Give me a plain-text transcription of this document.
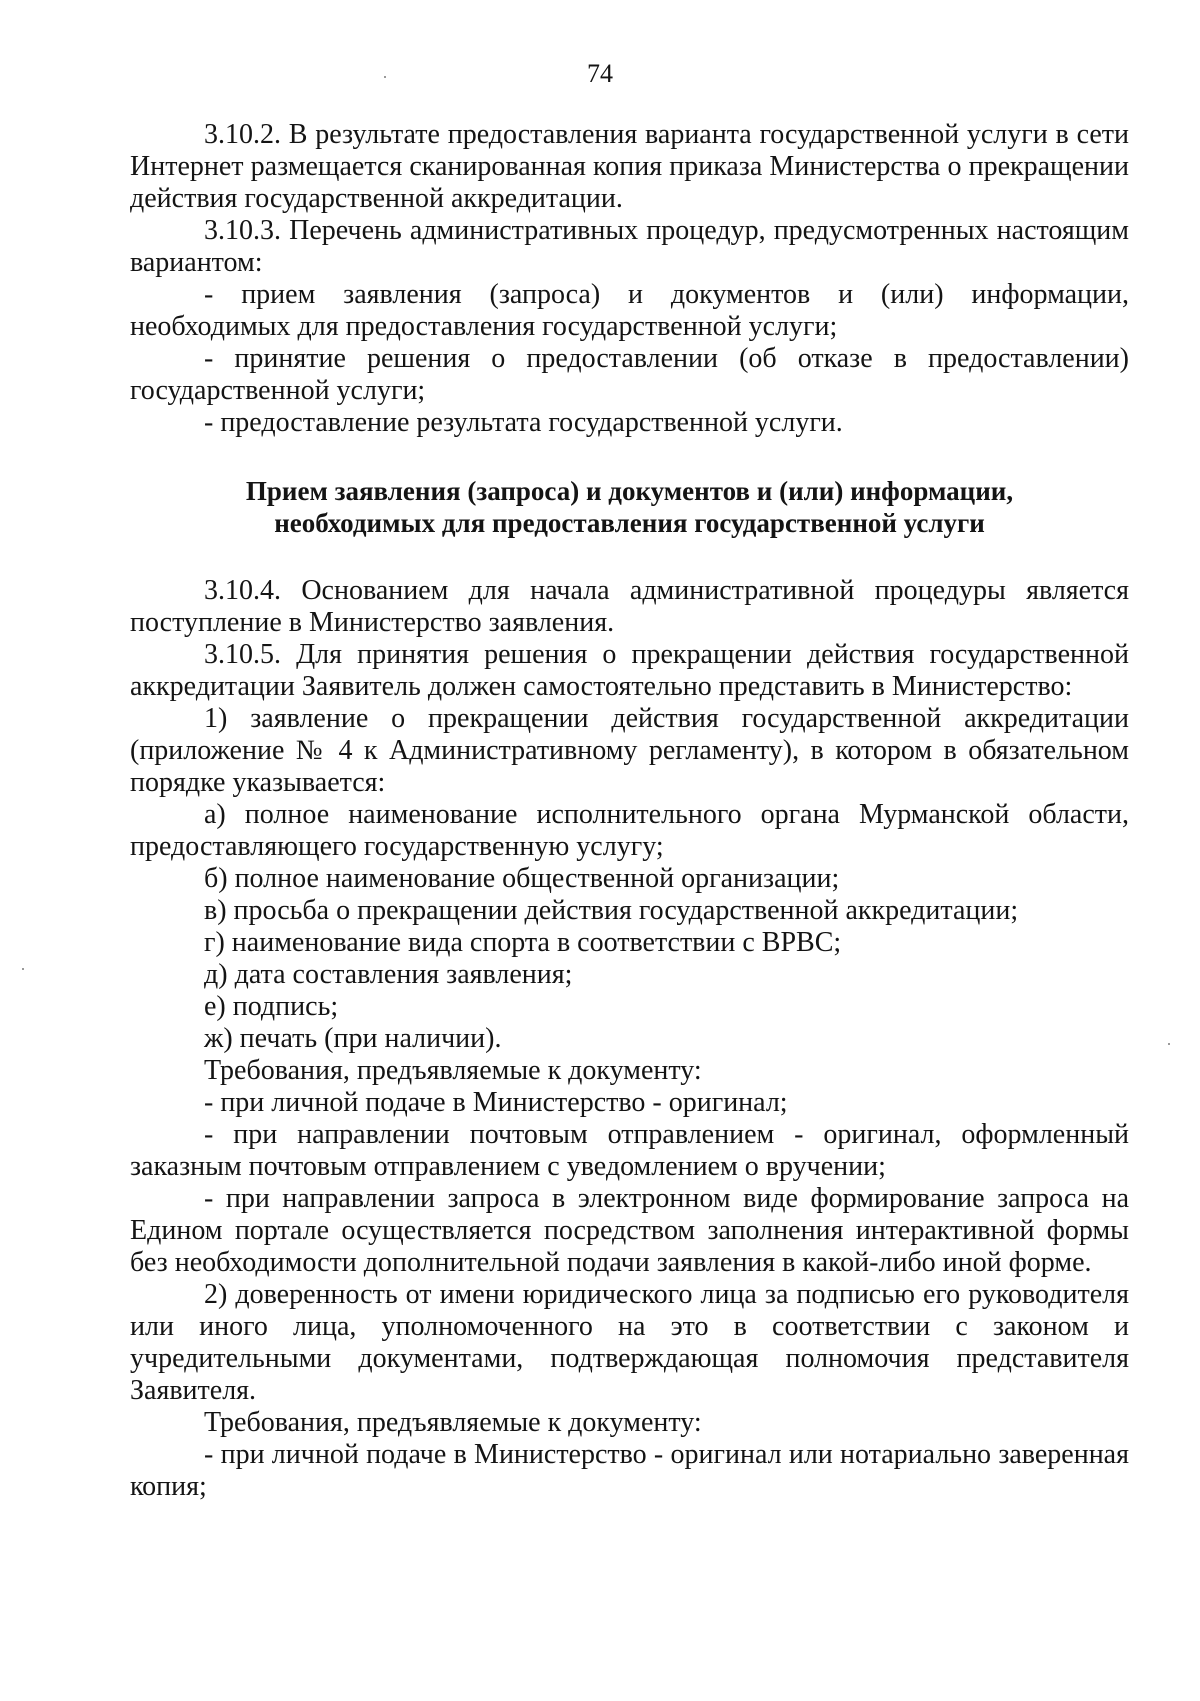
74

3.10.2. В результате предоставления варианта государственной услуги в сети Интернет размещается сканированная копия приказа Министерства о прекращении действия государственной аккредитации.

3.10.3. Перечень административных процедур, предусмотренных настоящим вариантом:

- прием заявления (запроса) и документов и (или) информации, необходимых для предоставления государственной услуги;

- принятие решения о предоставлении (об отказе в предоставлении) государственной услуги;

- предоставление результата государственной услуги.

Прием заявления (запроса) и документов и (или) информации,
необходимых для предоставления государственной услуги

3.10.4. Основанием для начала административной процедуры является поступление в Министерство заявления.

3.10.5. Для принятия решения о прекращении действия государственной аккредитации Заявитель должен самостоятельно представить в Министерство:

1) заявление о прекращении действия государственной аккредитации (приложение № 4 к Административному регламенту), в котором в обязательном порядке указывается:

а) полное наименование исполнительного органа Мурманской области, предоставляющего государственную услугу;

б) полное наименование общественной организации;

в) просьба о прекращении действия государственной аккредитации;

г) наименование вида спорта в соответствии с ВРВС;

д) дата составления заявления;

е) подпись;

ж) печать (при наличии).

Требования, предъявляемые к документу:

- при личной подаче в Министерство - оригинал;

- при направлении почтовым отправлением - оригинал, оформленный заказным почтовым отправлением с уведомлением о вручении;

- при направлении запроса в электронном виде формирование запроса на Едином портале осуществляется посредством заполнения интерактивной формы без необходимости дополнительной подачи заявления в какой-либо иной форме.

2) доверенность от имени юридического лица за подписью его руководителя или иного лица, уполномоченного на это в соответствии с законом и учредительными документами, подтверждающая полномочия представителя Заявителя.

Требования, предъявляемые к документу:

- при личной подаче в Министерство - оригинал или нотариально заверенная копия;
